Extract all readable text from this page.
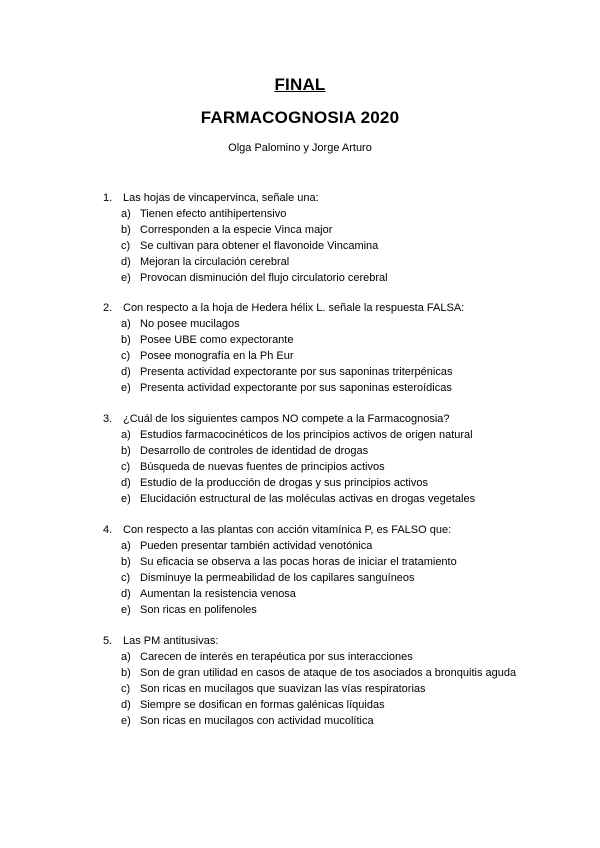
FINAL
FARMACOGNOSIA 2020
Olga Palomino y Jorge Arturo
1. Las hojas de vincapervinca, señale una:
a) Tienen efecto antihipertensivo
b) Corresponden a la especie Vinca major
c) Se cultivan para obtener el flavonoide Vincamina
d) Mejoran la circulación cerebral
e) Provocan disminución del flujo circulatorio cerebral
2. Con respecto a la hoja de Hedera hélix L. señale la respuesta FALSA:
a) No posee mucilagos
b) Posee UBE como expectorante
c) Posee monografía en la Ph Eur
d) Presenta actividad expectorante por sus saponinas triterpénicas
e) Presenta actividad expectorante por sus saponinas esteroídicas
3. ¿Cuál de los siguientes campos NO compete a la Farmacognosia?
a) Estudios farmacocinéticos de los principios activos de origen natural
b) Desarrollo de controles de identidad de drogas
c) Búsqueda de nuevas fuentes de principios activos
d) Estudio de la producción de drogas y sus principios activos
e) Elucidación estructural de las moléculas activas en drogas vegetales
4. Con respecto a las plantas con acción vitamínica P, es FALSO que:
a) Pueden presentar también actividad venotónica
b) Su eficacia se observa a las pocas horas de iniciar el tratamiento
c) Disminuye la permeabilidad de los capilares sanguíneos
d) Aumentan la resistencia venosa
e) Son ricas en polifenoles
5. Las PM antitusivas:
a) Carecen de interés en terapéutica por sus interacciones
b) Son de gran utilidad en casos de ataque de tos asociados a bronquitis aguda
c) Son ricas en mucilagos que suavizan las vías respiratorias
d) Siempre se dosifican en formas galénicas líquidas
e) Son ricas en mucilagos con actividad mucolítica
